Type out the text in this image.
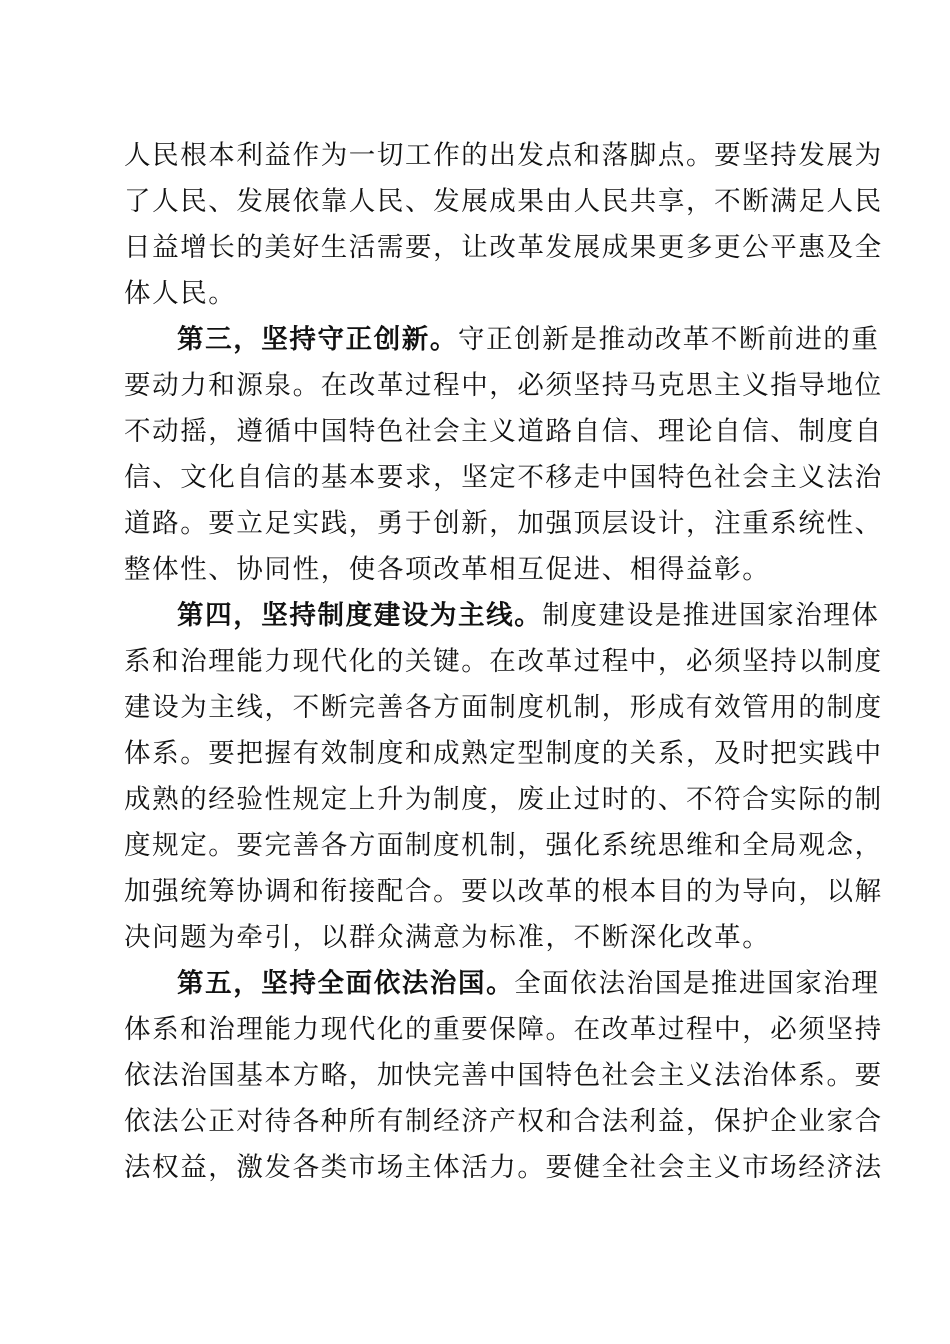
人民根本利益作为一切工作的出发点和落脚点。要坚持发展为
了人民、发展依靠人民、发展成果由人民共享，不断满足人民
日益增长的美好生活需要，让改革发展成果更多更公平惠及全
体人民。
第三，坚持守正创新。守正创新是推动改革不断前进的重
要动力和源泉。在改革过程中，必须坚持马克思主义指导地位
不动摇，遵循中国特色社会主义道路自信、理论自信、制度自
信、文化自信的基本要求，坚定不移走中国特色社会主义法治
道路。要立足实践，勇于创新，加强顶层设计，注重系统性、
整体性、协同性，使各项改革相互促进、相得益彰。
第四，坚持制度建设为主线。制度建设是推进国家治理体
系和治理能力现代化的关键。在改革过程中，必须坚持以制度
建设为主线，不断完善各方面制度机制，形成有效管用的制度
体系。要把握有效制度和成熟定型制度的关系，及时把实践中
成熟的经验性规定上升为制度，废止过时的、不符合实际的制
度规定。要完善各方面制度机制，强化系统思维和全局观念，
加强统筹协调和衔接配合。要以改革的根本目的为导向，以解
决问题为牵引，以群众满意为标准，不断深化改革。
第五，坚持全面依法治国。全面依法治国是推进国家治理
体系和治理能力现代化的重要保障。在改革过程中，必须坚持
依法治国基本方略，加快完善中国特色社会主义法治体系。要
依法公正对待各种所有制经济产权和合法利益，保护企业家合
法权益，激发各类市场主体活力。要健全社会主义市场经济法
